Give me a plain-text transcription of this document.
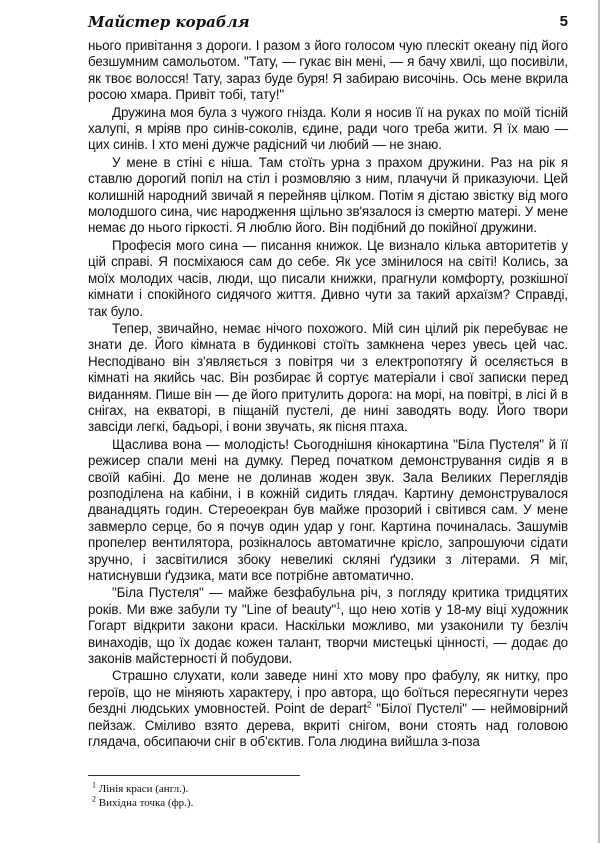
Майстер корабля	5

нього привітання з дороги. І разом з його голосом чую плескіт океану під його безшумним самольотом. "Тату, — гукає він мені, — я бачу хвилі, що посивіли, як твоє волосся! Тату, зараз буде буря! Я забираю височінь. Ось мене вкрила росою хмара. Привіт тобі, тату!"

Дружина моя була з чужого гнізда. Коли я носив її на руках по моїй тісній халупі, я мріяв про синів-соколів, єдине, ради чого треба жити. Я їх маю — цих синів. І хто мені дужче радісний чи любий — не знаю.

У мене в стіні є ніша. Там стоїть урна з прахом дружини. Раз на рік я ставлю дорогий попіл на стіл і розмовляю з ним, плачучи й приказуючи. Цей колишній народний звичай я перейняв цілком. Потім я дістаю звістку від мого молодшого сина, чиє народження щільно зв'язалося із смертю матері. У мене немає до нього гіркості. Я люблю його. Він подібний до покійної дружини.

Професія мого сина — писання книжок. Це визнало кілька авторитетів у цій справі. Я посміхаюся сам до себе. Як усе змінилося на світі! Колись, за моїх молодих часів, люди, що писали книжки, прагнули комфорту, розкішної кімнати і спокійного сидячого життя. Дивно чути за такий архаїзм? Справді, так було.

Тепер, звичайно, немає нічого похожого. Мій син цілий рік перебуває не знати де. Його кімната в будинкові стоїть замкнена через увесь цей час. Несподівано він з'являється з повітря чи з електропотягу й оселяється в кімнаті на якийсь час. Він розбирає й сортує матеріали і свої записки перед виданням. Пише він — де його притулить дорога: на морі, на повітрі, в лісі й в снігах, на екваторі, в піщаній пустелі, де нині заводять воду. Його твори завсіди легкі, бадьорі, і вони звучать, як пісня птаха.

Щаслива вона — молодість! Сьогоднішня кінокартина "Біла Пустеля" й її режисер спали мені на думку. Перед початком демонстрування сидів я в своїй кабіні. До мене не долинав жоден звук. Зала Великих Переглядів розподілена на кабіни, і в кожній сидить глядач. Картину демонструвалося дванадцять годин. Стереоекран був майже прозорий і світився сам. У мене завмерло серце, бо я почув один удар у гонг. Картина починалась. Зашумів пропелер вентилятора, розікналось автоматичне крісло, запрошуючи сідати зручно, і засвітилися збоку невеликі скляні ґудзики з літерами. Я міг, натиснувши ґудзика, мати все потрібне автоматично.

"Біла Пустеля" — майже безфабульна річ, з погляду критика тридцятих років. Ми вже забули ту "Line of beauty"$^1$, що нею хотів у 18-му віці художник Гогарт відкрити закони краси. Наскільки можливо, ми узаконили ту безліч винаходів, що їх додає кожен талант, творчи мистецькі цінності, — додає до законів майстерності й побудови.

Страшно слухати, коли заведе нині хто мову про фабулу, як нитку, про героїв, що не міняють характеру, і про автора, що боїться пересягнути через бездні людських умовностей. Point de depart$^2$ "Білої Пустелі" — неймовірний пейзаж. Сміливо взято дерева, вкриті снігом, вони стоять над головою глядача, обсипаючи сніг в об'єктив. Гола людина вийшла з-поза

$^1$ Лінія краси (англ.).
$^2$ Вихідна точка (фр.).
